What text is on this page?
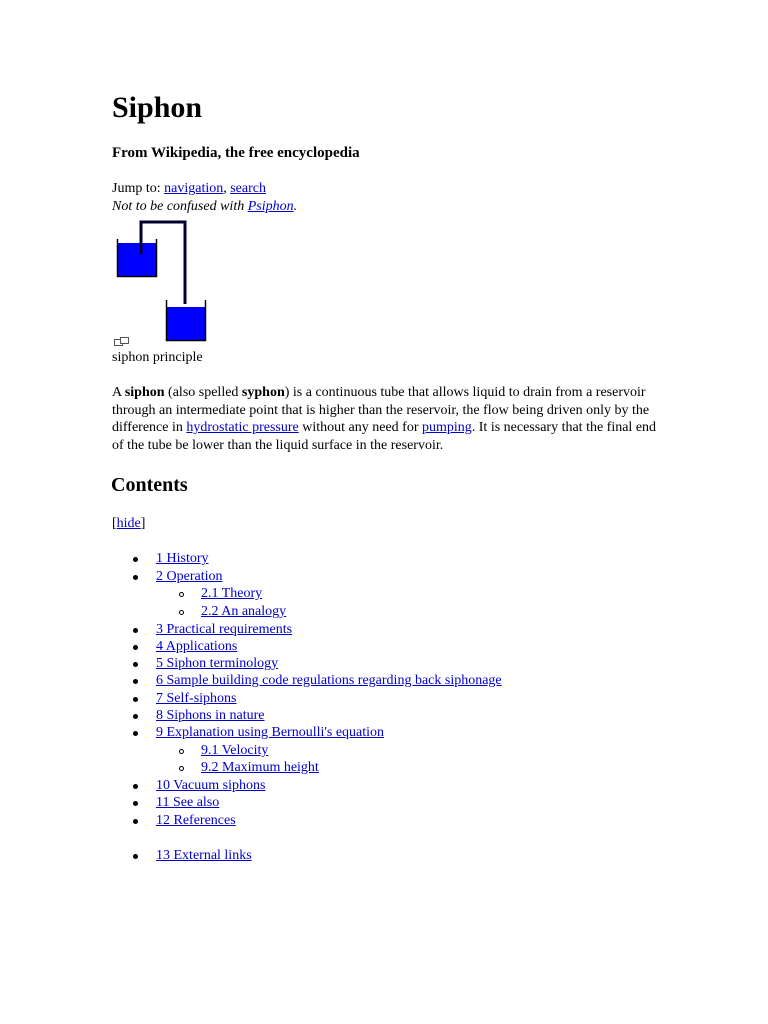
Siphon
From Wikipedia, the free encyclopedia
Jump to: navigation, search
Not to be confused with Psiphon.
siphon principle

A siphon (also spelled syphon) is a continuous tube that allows liquid to drain from a reservoir through an intermediate point that is higher than the reservoir, the flow being driven only by the difference in hydrostatic pressure without any need for pumping. It is necessary that the final end of the tube be lower than the liquid surface in the reservoir.

Contents
[hide]
1 History
2 Operation
2.1 Theory
2.2 An analogy
3 Practical requirements
4 Applications
5 Siphon terminology
6 Sample building code regulations regarding back siphonage
7 Self-siphons
8 Siphons in nature
9 Explanation using Bernoulli's equation
9.1 Velocity
9.2 Maximum height
10 Vacuum siphons
11 See also
12 References
13 External links
